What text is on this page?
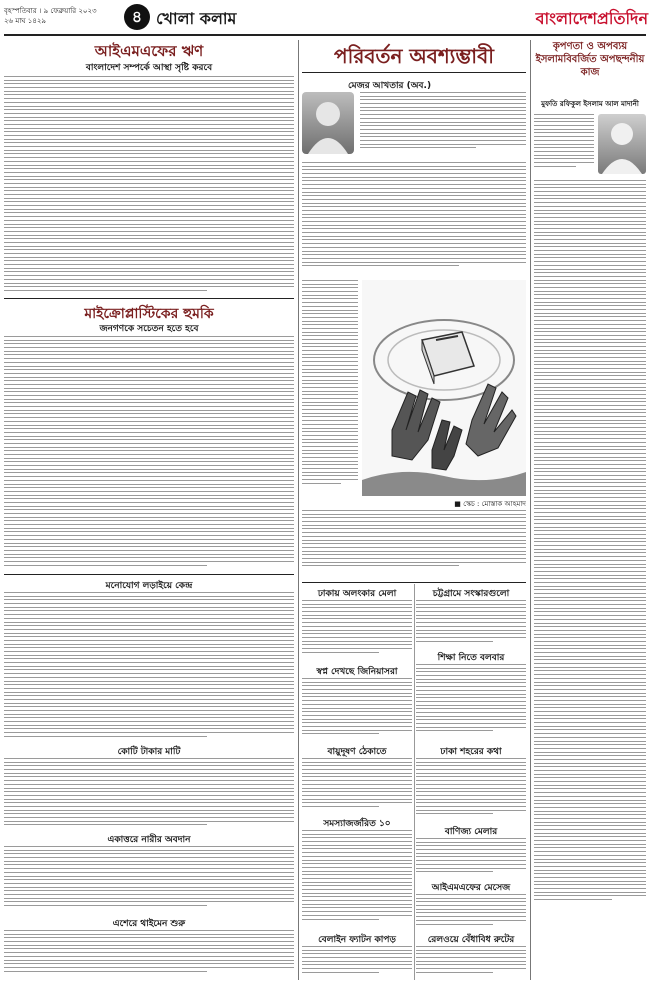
বৃহস্পতিবার । ৯ ফেব্রুয়ারি ২০২৩
২৬ মাঘ ১৪২৯	৪ খোলা কলাম	বাংলাদেশপ্রতিদিন
আইএমএফের ঋণ
বাংলাদেশ সম্পর্কে আস্থা সৃষ্টি করবে
মাইক্রোপ্লাস্টিকের হুমকি
জনগণকে সচেতন হতে হবে
মনোযোগ লড়াইয়ে কেন্দ্র
কোটি টাকার মাটি
একাত্তরে নারীর অবদান
এশেরে থাইমেন শুরু
পরিবর্তন অবশ্যম্ভাবী
মেজর আখতার (অব.)
■ স্কেচ : মোস্তাক আহমাদ
কৃপণতা ও অপব্যয় ইসলামবিবর্জিত অপছন্দনীয় কাজ
মুফতি রফিকুল ইসলাম আল মাদানী
ঢাকায় অলংকার মেলা
স্বপ্ন দেখছে জিনিয়াসরা
বায়ুদূষণ ঠেকাতে
সমস্যাজর্জরিত ১০
বেলাইন ফ্যাটন কাপড়
চট্টগ্রামে সংস্কারগুলো
শিক্ষা নিতে বলবার
ঢাকা শহরের কথা
বাণিজ্য মেলার
আইএমএফের মেসেজ
রেলওয়ে বেঁধাবিধ রুটের
